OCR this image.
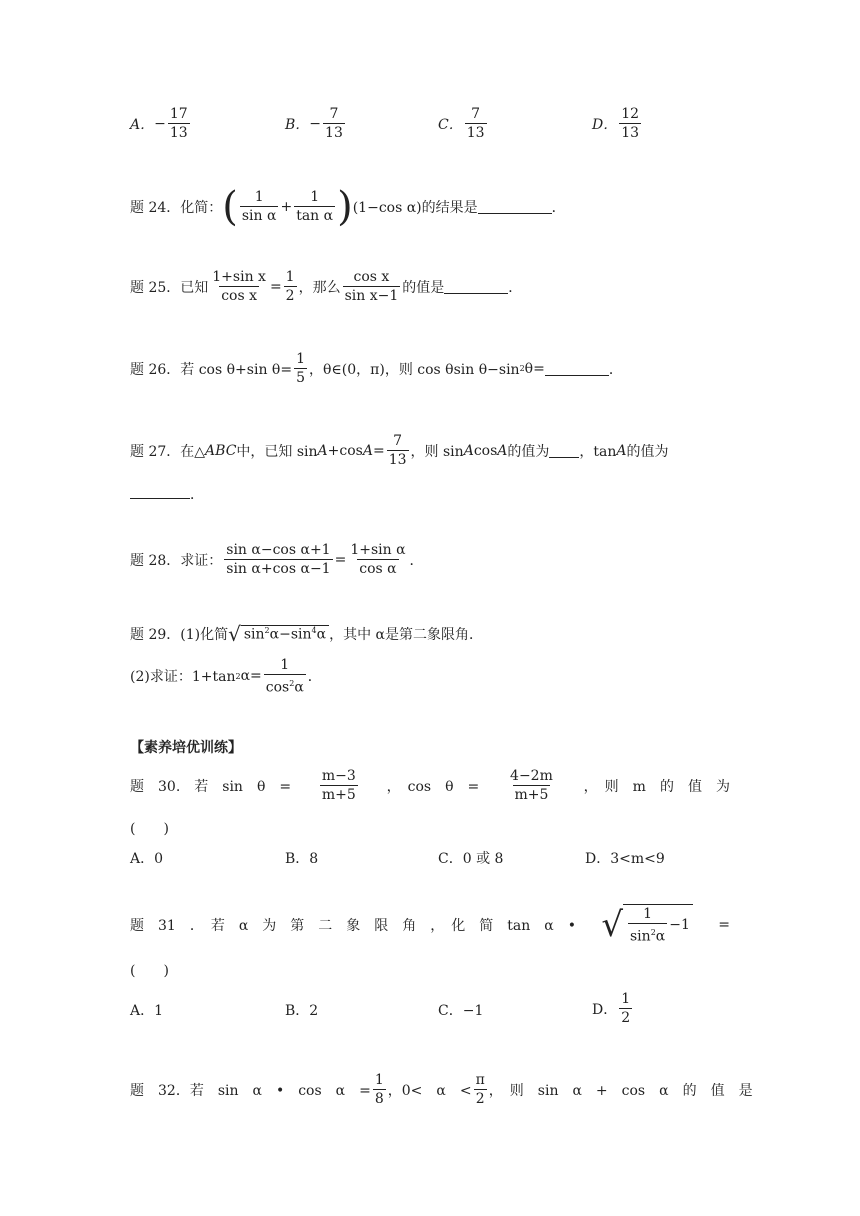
A． − $\frac{17}{13}$	B． − $\frac{7}{13}$	C． $\frac{7}{13}$	D． $\frac{12}{13}$
题 24．化简： ( $\frac{1}{\text{sin α}} + \frac{1}{\text{tan α}}$ ) (1−cos α)的结果是	．
题 25．已知 $\frac{\text{1+sin x}}{\text{cos x}} = \frac{1}{2}$ ，那么 $\frac{\text{cos x}}{\text{sin x−1}}$ 的值是	．
题 26．若 cos θ+sin $\theta= \frac{1}{5}$ ，θ∈(0，π)，则 cos θsin θ−sin 2 θ=	．
题 27．在△ ABC 中，已知 sin A +cos $A = \frac{7}{13}$ ，则 sin A cos A 的值为 ，tan A 的值为
．
题 28．求证： $\frac{\text{sin α−cos α+1}}{\text{sin α+cos α−1}} = \frac{\text{1+sin α}}{\text{cos α}}$ ．
题 29．(1)化简 √ $\sin^2\alpha-\sin^4\alpha$ ，其中 α是第二象限角．
(2)求证：1+tan 2 $\alpha= \frac{1}{\cos^2\alpha}$ ．
【素养培优训练】
题　30.　若　sin　θ　= $\frac{m-3}{m+5}$ ，　cos　θ　= $\frac{4-2m}{m+5}$ ，　则　m　的　值　为
(　　)
A．0	B．8	C．0 或 8	D．3<m<9
题　31　．　若　α　为　第　二　象　限　角　，　化　简　tan　α　• √ $\frac{1}{\sin^2\alpha} -1$ =
(　　)
A．1	B．2	C．−1	D． $\frac{1}{2}$
题　32．若　sin　α　•　cos　α　= $\frac{1}{8}$ ，0<　α　< $\frac{\pi}{2}$ ，　则　sin　α　+　cos　α　的　值　是
